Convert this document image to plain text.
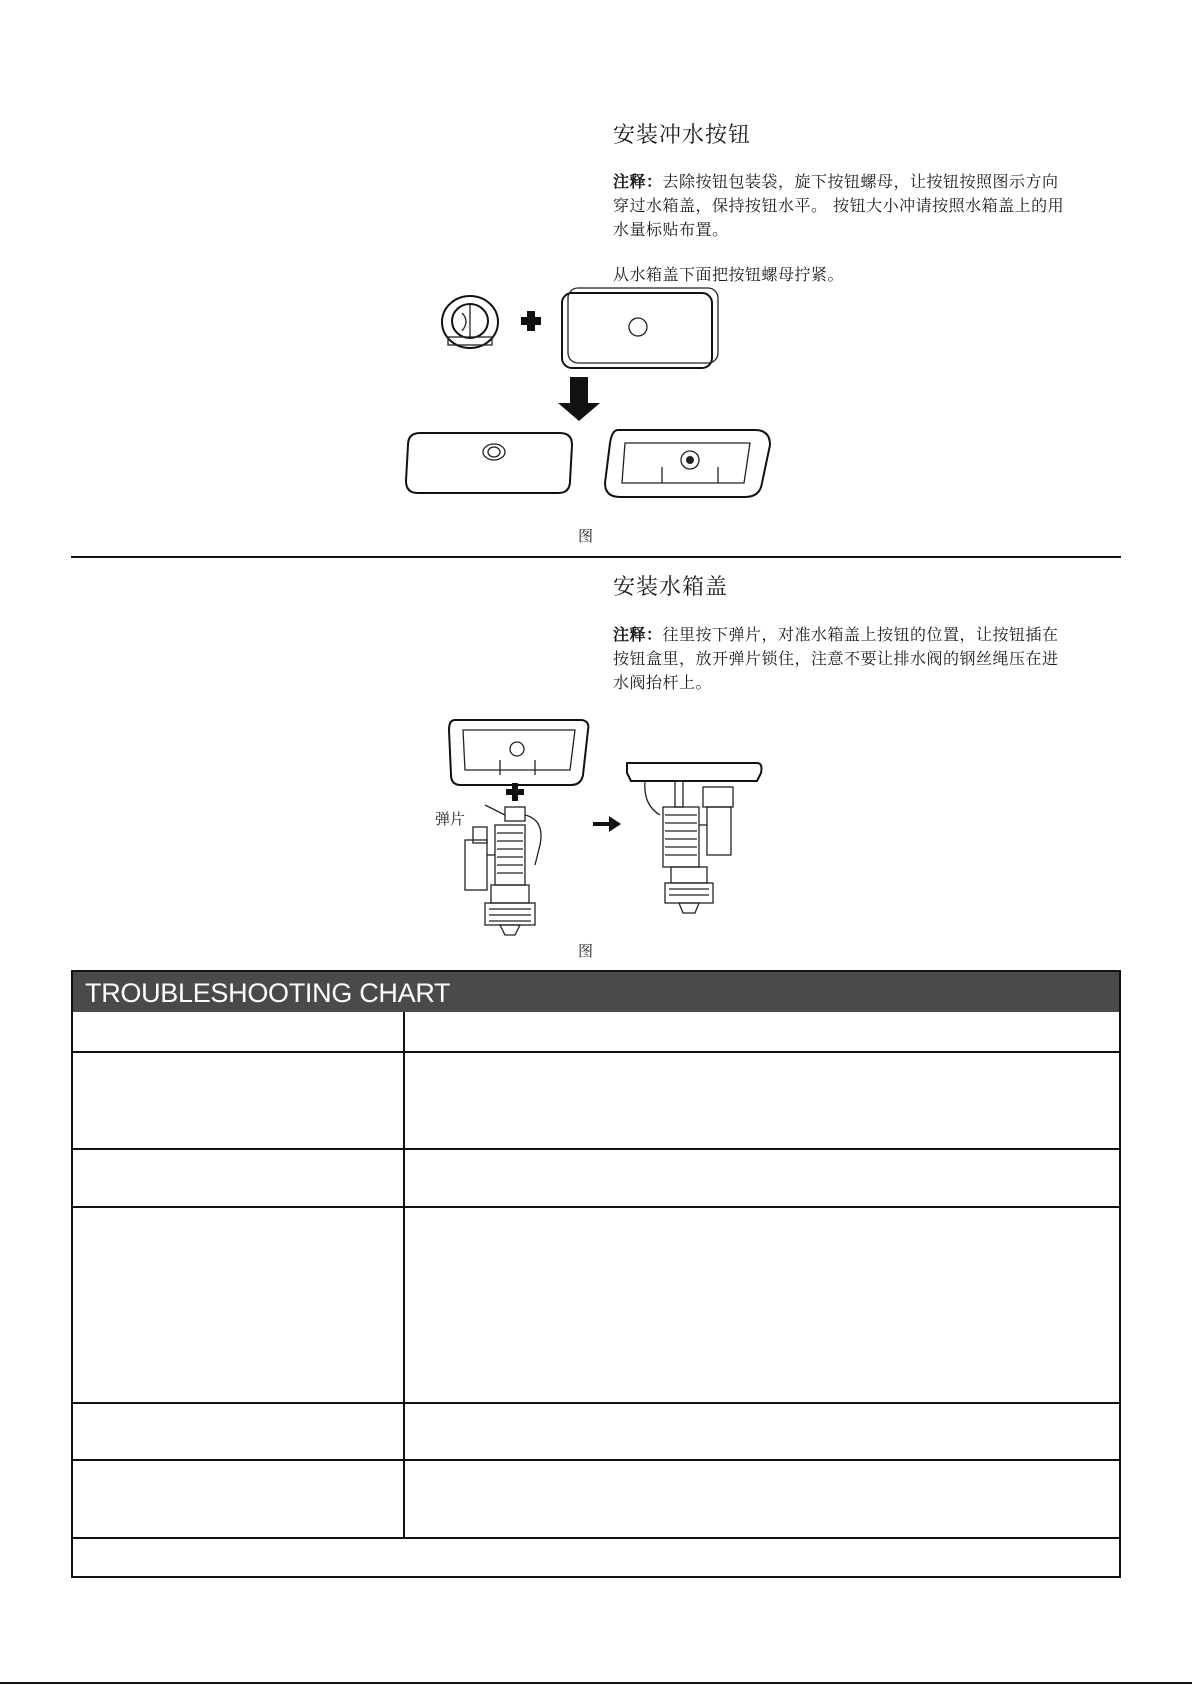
安装冲水按钮
注释：去除按钮包装袋，旋下按钮螺母，让按钮按照图示方向
穿过水箱盖，保持按钮水平。 按钮大小冲请按照水箱盖上的用
水量标贴布置。
从水箱盖下面把按钮螺母拧紧。
图
安装水箱盖
注释：往里按下弹片，对准水箱盖上按钮的位置，让按钮插在
按钮盒里，放开弹片锁住，注意不要让排水阀的钢丝绳压在进
水阀抬杆上。
弹片
图
TROUBLESHOOTING CHART
